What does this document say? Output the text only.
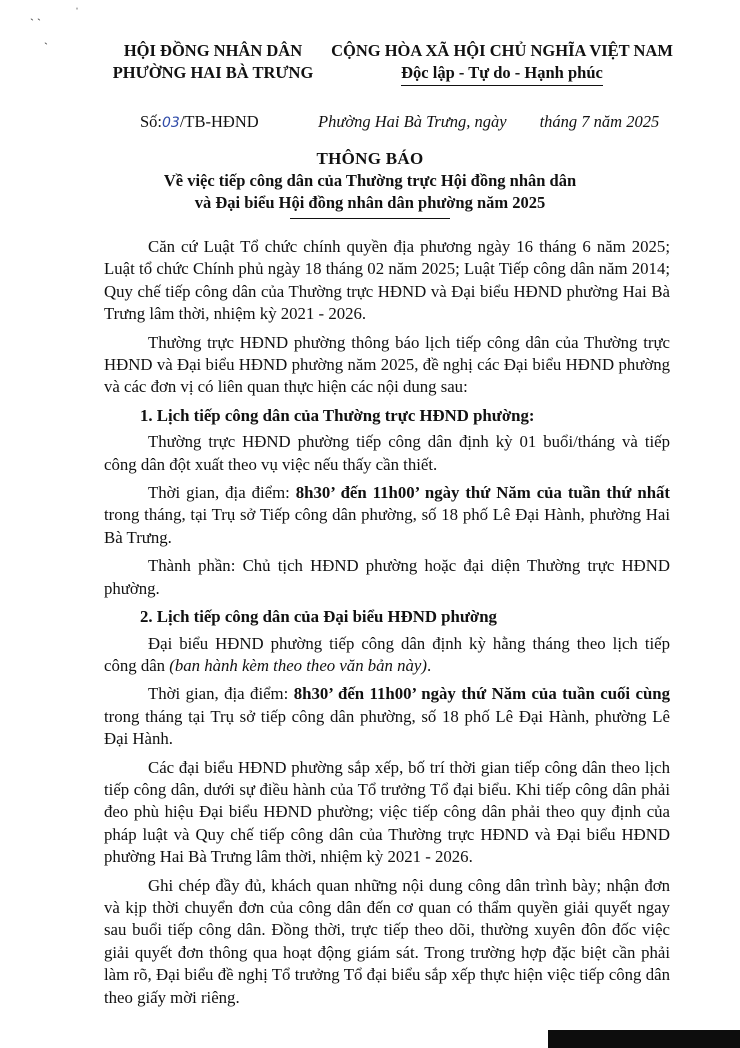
ˎ ˏ	ˈ
ˏ
HỘI ĐỒNG NHÂN DÂN
PHƯỜNG HAI BÀ TRƯNG
CỘNG HÒA XÃ HỘI CHỦ NGHĨA VIỆT NAM
Độc lập - Tự do - Hạnh phúc
Số:03/TB-HĐND	Phường Hai Bà Trưng, ngày        tháng 7 năm 2025
THÔNG BÁO
Về việc tiếp công dân của Thường trực Hội đồng nhân dân
và Đại biểu Hội đồng nhân dân phường năm 2025

Căn cứ Luật Tổ chức chính quyền địa phương ngày 16 tháng 6 năm 2025; Luật tổ chức Chính phủ ngày 18 tháng 02 năm 2025; Luật Tiếp công dân năm 2014; Quy chế tiếp công dân của Thường trực HĐND và Đại biểu HĐND phường Hai Bà Trưng lâm thời, nhiệm kỳ 2021 - 2026.

Thường trực HĐND phường thông báo lịch tiếp công dân của Thường trực HĐND và Đại biểu HĐND phường năm 2025, đề nghị các Đại biểu HĐND phường và các đơn vị có liên quan thực hiện các nội dung sau:

1. Lịch tiếp công dân của Thường trực HĐND phường:

Thường trực HĐND phường tiếp công dân định kỳ 01 buổi/tháng và tiếp công dân đột xuất theo vụ việc nếu thấy cần thiết.

Thời gian, địa điểm: 8h30’ đến 11h00’ ngày thứ Năm của tuần thứ nhất trong tháng, tại Trụ sở Tiếp công dân phường, số 18 phố Lê Đại Hành, phường Hai Bà Trưng.

Thành phần: Chủ tịch HĐND phường hoặc đại diện Thường trực HĐND phường.

2. Lịch tiếp công dân của Đại biểu HĐND phường

Đại biểu HĐND phường tiếp công dân định kỳ hằng tháng theo lịch tiếp công dân (ban hành kèm theo theo văn bản này).

Thời gian, địa điểm: 8h30’ đến 11h00’ ngày thứ Năm của tuần cuối cùng trong tháng tại Trụ sở tiếp công dân phường, số 18 phố Lê Đại Hành, phường Lê Đại Hành.

Các đại biểu HĐND phường sắp xếp, bố trí thời gian tiếp công dân theo lịch tiếp công dân, dưới sự điều hành của Tổ trưởng Tổ đại biểu. Khi tiếp công dân phải đeo phù hiệu Đại biểu HĐND phường; việc tiếp công dân phải theo quy định của pháp luật và Quy chế tiếp công dân của Thường trực HĐND và Đại biểu HĐND phường Hai Bà Trưng lâm thời, nhiệm kỳ 2021 - 2026.

Ghi chép đầy đủ, khách quan những nội dung công dân trình bày; nhận đơn và kịp thời chuyển đơn của công dân đến cơ quan có thẩm quyền giải quyết ngay sau buổi tiếp công dân. Đồng thời, trực tiếp theo dõi, thường xuyên đôn đốc việc giải quyết đơn thông qua hoạt động giám sát. Trong trường hợp đặc biệt cần phải làm rõ, Đại biểu đề nghị Tổ trưởng Tổ đại biểu sắp xếp thực hiện việc tiếp công dân theo giấy mời riêng.
